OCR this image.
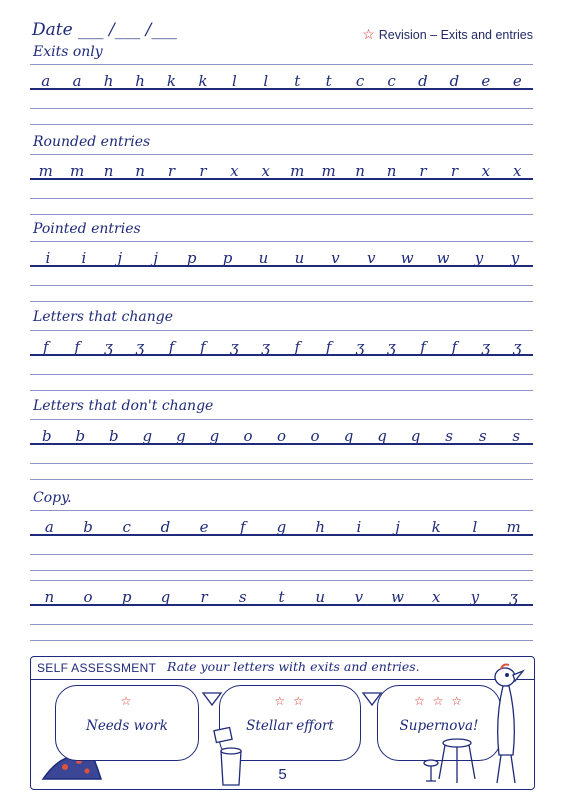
Date ___ /___ /___	☆ Revision – Exits and entries
Exits only
a	a	h	h	k	k	l	l	t	t	c	c	d	d	e	e
Rounded entries
m	m	n	n	r	r	x	x	m	m	n	n	r	r	x	x
Pointed entries
i	i	j	j	p	p	u	u	v	v	w	w	y	y
Letters that change
f	f	ʒ	ʒ	f	f	ʒ	ʒ	f	f	ʒ	ʒ	f	f	ʒ	ʒ
Letters that don't change
b	b	b	g	g	g	o	o	o	q	q	q	s	s	s
Copy.
a	b	c	d	e	f	g	h	i	j	k	l	m
n	o	p	q	r	s	t	u	v	w	x	y	ʒ
SELF ASSESSMENT Rate your letters with exits and entries.
☆
Needs work
☆ ☆
Stellar effort
☆ ☆ ☆
Supernova!
5
